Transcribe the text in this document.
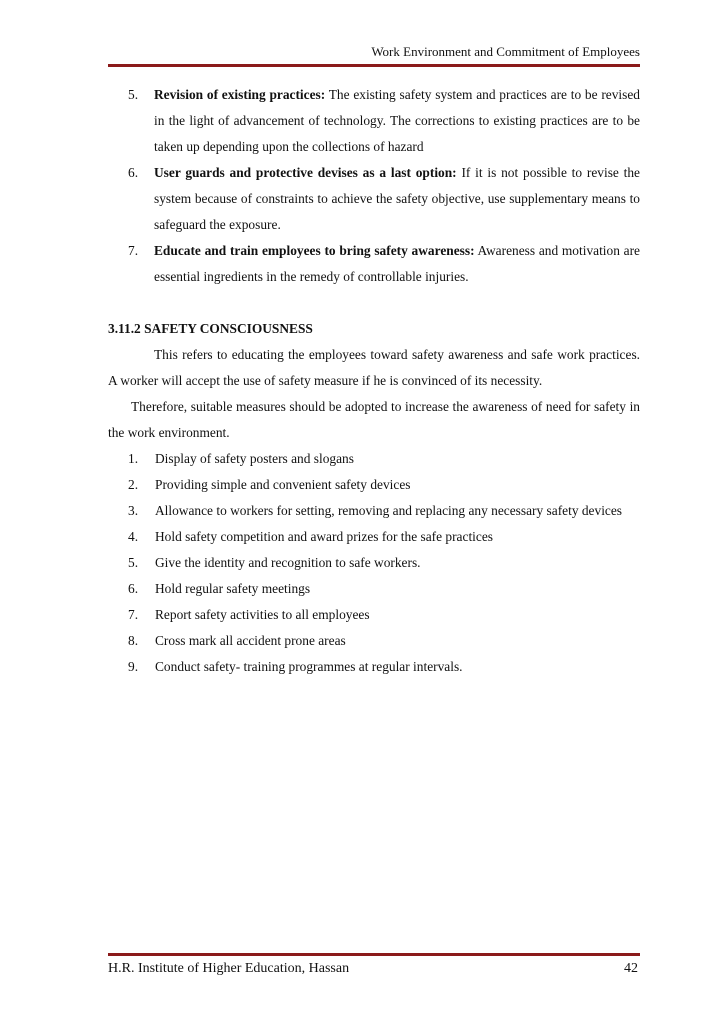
Work Environment and Commitment of Employees
5. Revision of existing practices: The existing safety system and practices are to be revised in the light of advancement of technology. The corrections to existing practices are to be taken up depending upon the collections of hazard
6. User guards and protective devises as a last option: If it is not possible to revise the system because of constraints to achieve the safety objective, use supplementary means to safeguard the exposure.
7. Educate and train employees to bring safety awareness: Awareness and motivation are essential ingredients in the remedy of controllable injuries.
3.11.2 SAFETY CONSCIOUSNESS
This refers to educating the employees toward safety awareness and safe work practices. A worker will accept the use of safety measure if he is convinced of its necessity.
Therefore, suitable measures should be adopted to increase the awareness of need for safety in the work environment.
1. Display of safety posters and slogans
2. Providing simple and convenient safety devices
3. Allowance to workers for setting, removing and replacing any necessary safety devices
4. Hold safety competition and award prizes for the safe practices
5. Give the identity and recognition to safe workers.
6. Hold regular safety meetings
7. Report safety activities to all employees
8. Cross mark all accident prone areas
9. Conduct safety- training programmes at regular intervals.
H.R. Institute of Higher Education, Hassan	42
